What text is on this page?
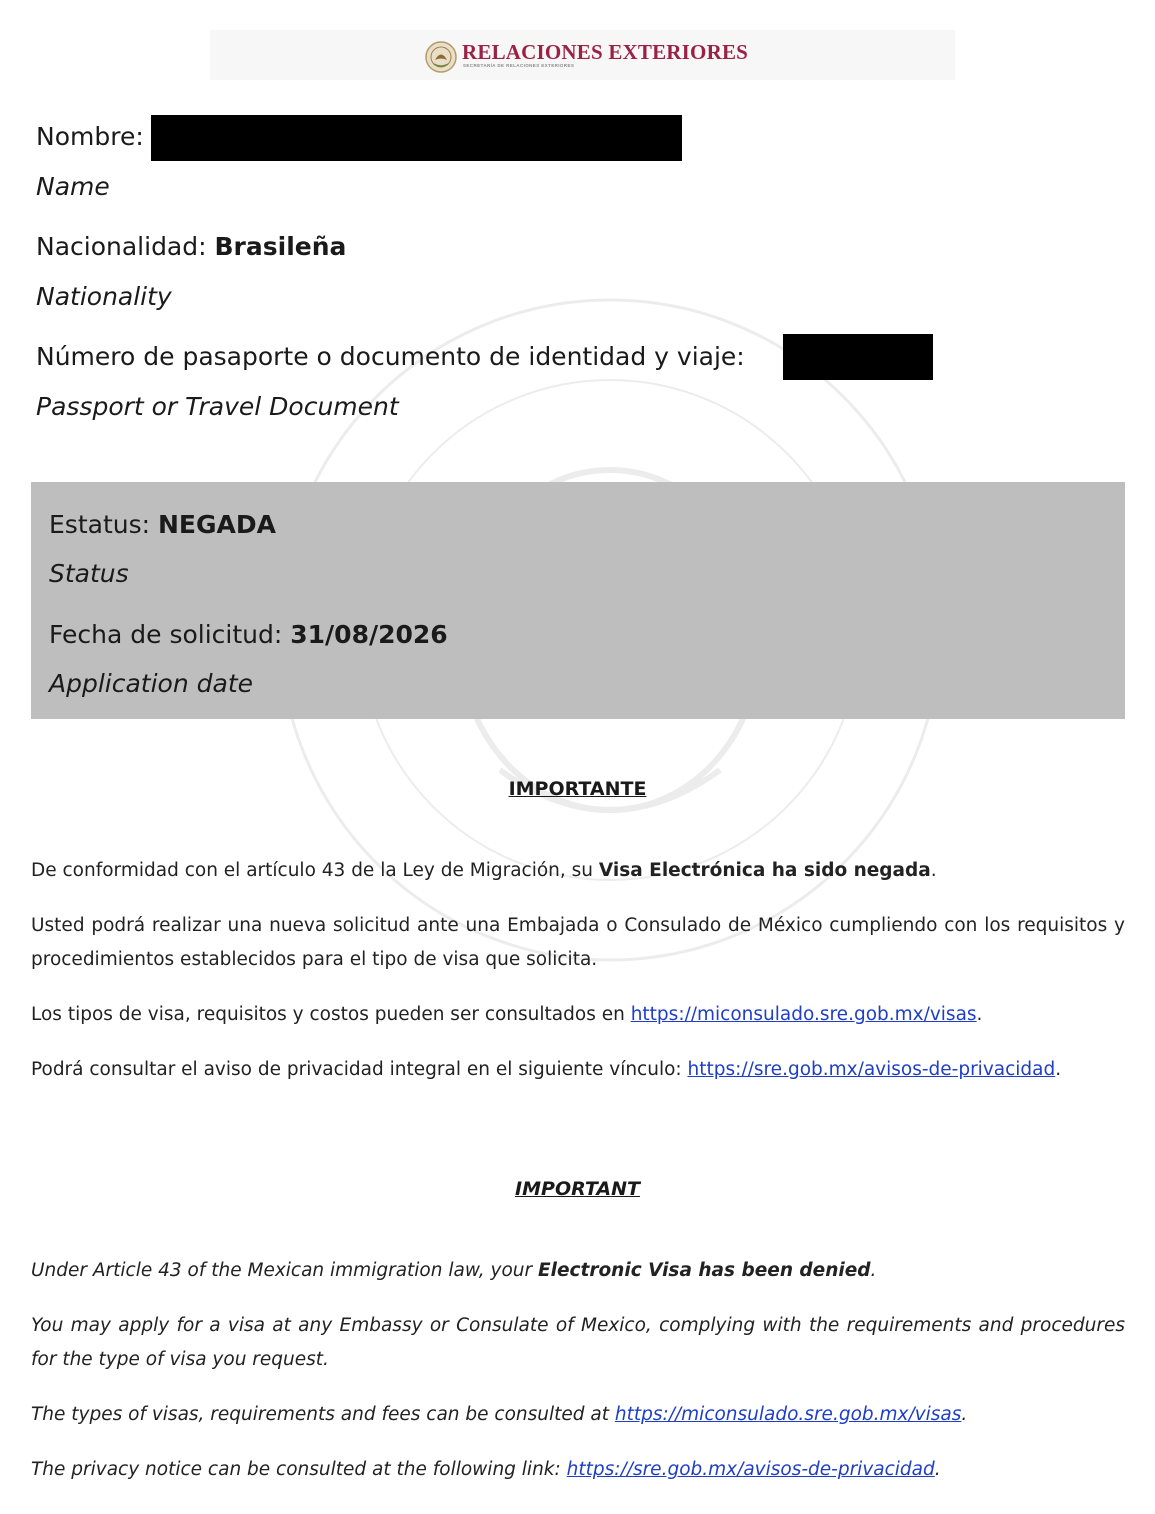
RELACIONES EXTERIORES
SECRETARÍA DE RELACIONES EXTERIORES
Nombre:
Name
Nacionalidad: Brasileña
Nationality
Número de pasaporte o documento de identidad y viaje:
Passport or Travel Document
Estatus: NEGADA
Status
Fecha de solicitud: 31/08/2026
Application date
IMPORTANTE
De conformidad con el artículo 43 de la Ley de Migración, su Visa Electrónica ha sido negada.
Usted podrá realizar una nueva solicitud ante una Embajada o Consulado de México cumpliendo con los requisitos y procedimientos establecidos para el tipo de visa que solicita.
Los tipos de visa, requisitos y costos pueden ser consultados en https://miconsulado.sre.gob.mx/visas.
Podrá consultar el aviso de privacidad integral en el siguiente vínculo: https://sre.gob.mx/avisos-de-privacidad.
IMPORTANT
Under Article 43 of the Mexican immigration law, your Electronic Visa has been denied.
You may apply for a visa at any Embassy or Consulate of Mexico, complying with the requirements and procedures for the type of visa you request.
The types of visas, requirements and fees can be consulted at https://miconsulado.sre.gob.mx/visas.
The privacy notice can be consulted at the following link: https://sre.gob.mx/avisos-de-privacidad.
